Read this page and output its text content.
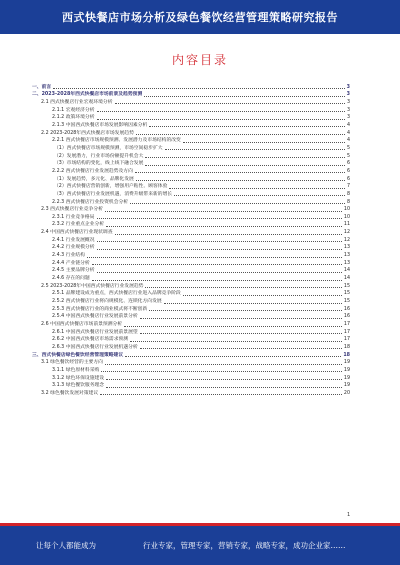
西式快餐店市场分析及绿色餐饮经营管理策略研究报告
内容目录
一、前言	3
二、2023-2028年西式快餐店市场前景及趋势预测	3
2.1 西式快餐店行业宏观环境分析	3
2.1.1 宏观经济分析	3
2.1.2 政策环境分析	3
2.1.3 中国西式快餐店市场发展影响因素分析	4
2.2 2023-2028年西式快餐店市场发展趋势	4
2.2.1 西式快餐店市场规模预测、发展潜力及市场结构的改变	4
（1）西式快餐店市场规模预测，市场空间稳步扩大	5
（2）发展潜力，行业市场份额提升机会大	5
（3）市场结构的变化，线上线下融合发展	6
2.2.2 西式快餐店行业发展趋势及方向	6
（1）发展趋势，多元化、品牌化发展	6
（2）西式快餐店营销创新，增强用户粘性、顾客体验	7
（3）西式快餐店行业发展机遇，消费升级带来新的增长	8
2.2.3 西式快餐店行业投资机会分析	8
2.3 西式快餐店行业竞争分析	10
2.3.1 行业竞争格局	10
2.3.2 行业重点企业分析	11
2.4 中国西式快餐店行业现状调查	12
2.4.1 行业发展概况	12
2.4.2 行业规模分析	13
2.4.3 行业结构	13
2.4.4 产业链分析	13
2.4.5 主要品牌分析	14
2.4.6 存在的问题	14
2.5 2023-2028年中国西式快餐店行业发展趋势	15
2.5.1 品牌建设成为重点，西式快餐店行业进入品牌竞争阶段	15
2.5.2 西式快餐店行业将向规模化、连锁化方向发展	15
2.5.3 西式快餐店行业的商业模式将不断创新	16
2.5.4 中国西式快餐店行业发展前景分析	16
2.6 中国西式快餐店市场前景预测分析	17
2.6.1 中国西式快餐店行业发展前景展望	17
2.6.2 中国西式快餐店市场需求预测	17
2.6.3 中国西式快餐店行业发展机遇分析	18
三、西式快餐店绿色餐饮经营管理策略建议	18
3.1 绿色餐饮经营的主要方向	19
3.1.1 绿色原材料采购	19
3.1.2 绿色环保设施建设	19
3.1.3 绿色餐饮服务理念	19
3.2 绿色餐饮发展对策建议	20
1
让每个人都能成为	行业专家，管理专家，营销专家，战略专家，成功企业家……
